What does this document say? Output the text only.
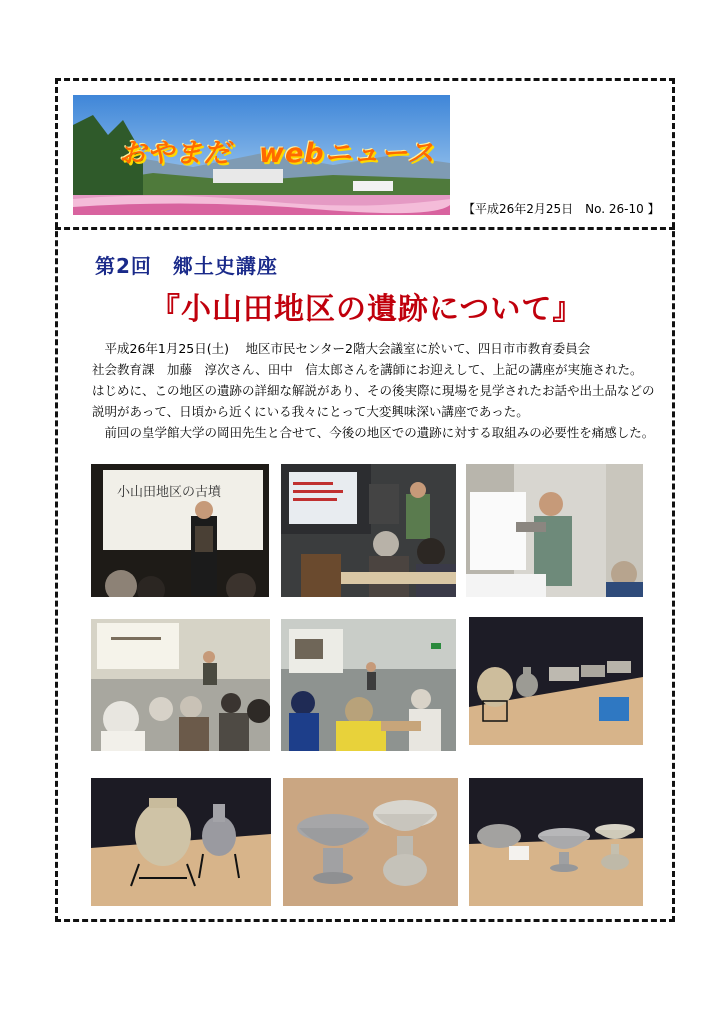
おやまだ　webニュース
【平成26年2月25日　No. 26-10 】
第2回　郷土史講座
『小山田地区の遺跡について』

　平成26年1月25日(土)　 地区市民センター2階大会議室に於いて、四日市市教育委員会

社会教育課　加藤　淳次さん、田中　信太郎さんを講師にお迎えして、上記の講座が実施された。

はじめに、この地区の遺跡の詳細な解説があり、その後実際に現場を見学されたお話や出土品などの

説明があって、日頃から近くにいる我々にとって大変興味深い講座であった。

　前回の皇学館大学の岡田先生と合せて、今後の地区での遺跡に対する取組みの必要性を痛感した。

小山田地区の古墳
